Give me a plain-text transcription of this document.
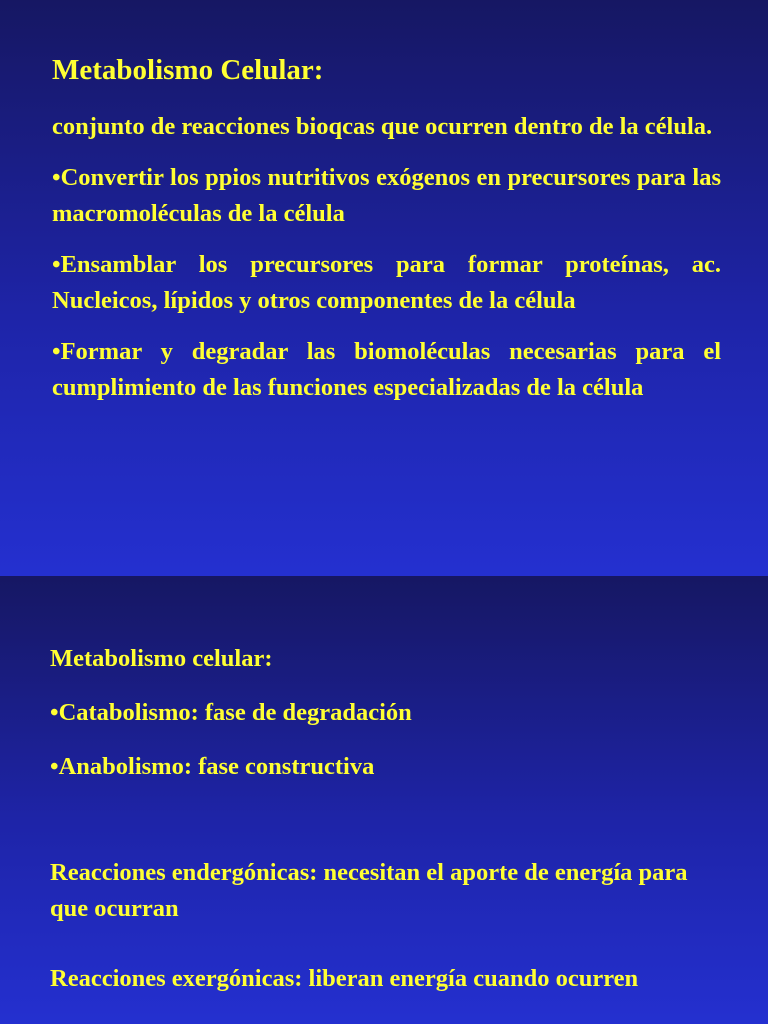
Metabolismo Celular:

conjunto de reacciones bioqcas que ocurren dentro de la célula.

•Convertir los ppios nutritivos exógenos en precursores para las macromoléculas de la célula

•Ensamblar los precursores para formar proteínas, ac. Nucleicos, lípidos y otros componentes de la célula

•Formar y degradar las biomoléculas necesarias para el cumplimiento de las funciones especializadas de la célula

Metabolismo celular:

•Catabolismo: fase de degradación

•Anabolismo: fase constructiva

Reacciones endergónicas: necesitan el aporte de energía para que ocurran

Reacciones exergónicas: liberan energía cuando ocurren
